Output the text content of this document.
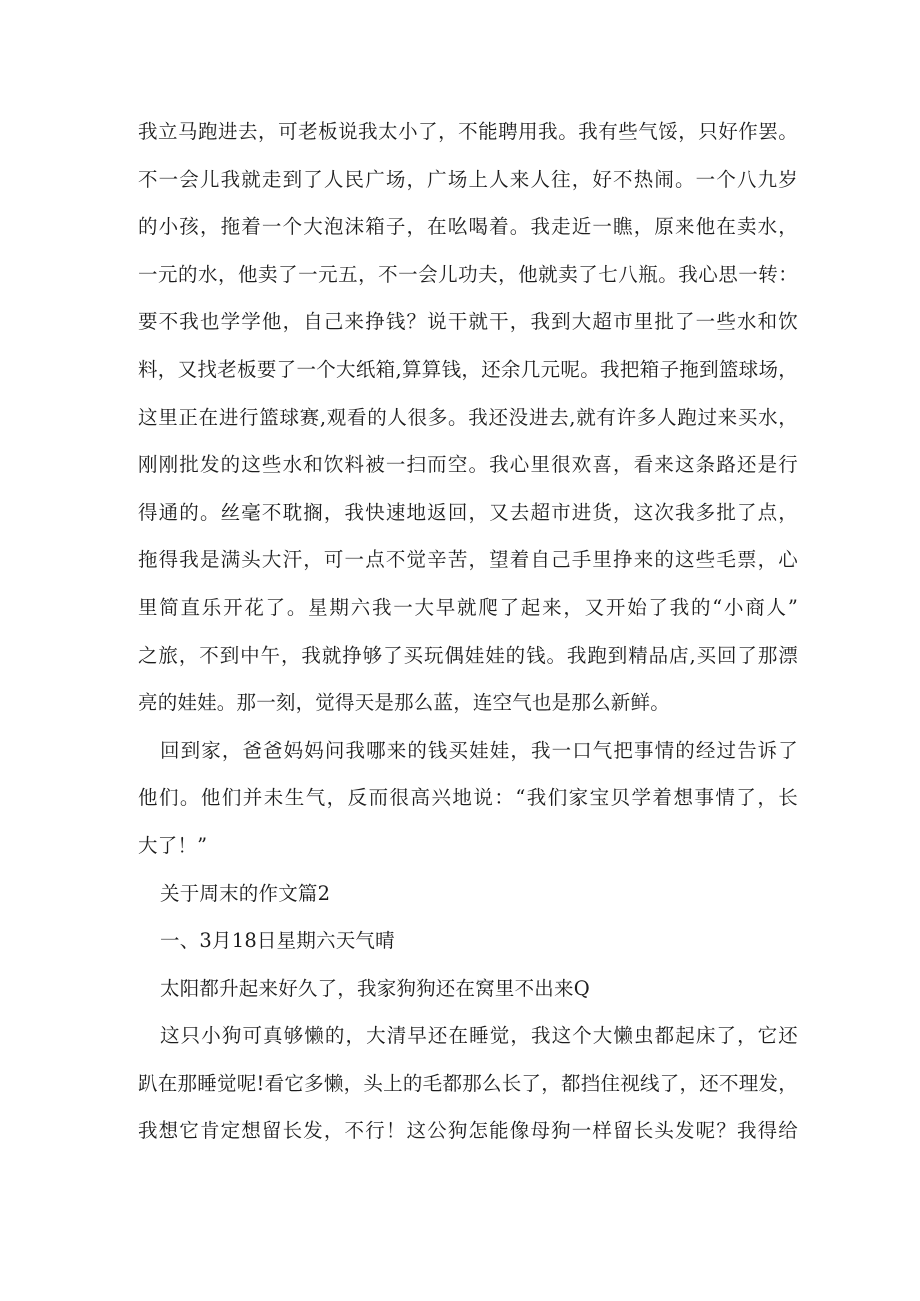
我立马跑进去，可老板说我太小了，不能聘用我。我有些气馁，只好作罢。

不一会儿我就走到了人民广场，广场上人来人往，好不热闹。一个八九岁

的小孩，拖着一个大泡沫箱子，在吆喝着。我走近一瞧，原来他在卖水，

一元的水，他卖了一元五，不一会儿功夫，他就卖了七八瓶。我心思一转：

要不我也学学他，自己来挣钱？说干就干，我到大超市里批了一些水和饮

料，又找老板要了一个大纸箱,算算钱，还余几元呢。我把箱子拖到篮球场，

这里正在进行篮球赛,观看的人很多。我还没进去,就有许多人跑过来买水，

刚刚批发的这些水和饮料被一扫而空。我心里很欢喜，看来这条路还是行

得通的。丝毫不耽搁，我快速地返回，又去超市进货，这次我多批了点，

拖得我是满头大汗，可一点不觉辛苦，望着自己手里挣来的这些毛票，心

里简直乐开花了。星期六我一大早就爬了起来，又开始了我的“小商人”

之旅，不到中午，我就挣够了买玩偶娃娃的钱。我跑到精品店,买回了那漂

亮的娃娃。那一刻，觉得天是那么蓝，连空气也是那么新鲜。

回到家，爸爸妈妈问我哪来的钱买娃娃，我一口气把事情的经过告诉了

他们。他们并未生气，反而很高兴地说：“我们家宝贝学着想事情了，长

大了！”

关于周末的作文篇2

一、3月18日星期六天气晴

太阳都升起来好久了，我家狗狗还在窝里不出来Q

这只小狗可真够懒的，大清早还在睡觉，我这个大懒虫都起床了，它还

趴在那睡觉呢!看它多懒，头上的毛都那么长了，都挡住视线了，还不理发，

我想它肯定想留长发，不行！这公狗怎能像母狗一样留长头发呢？我得给
